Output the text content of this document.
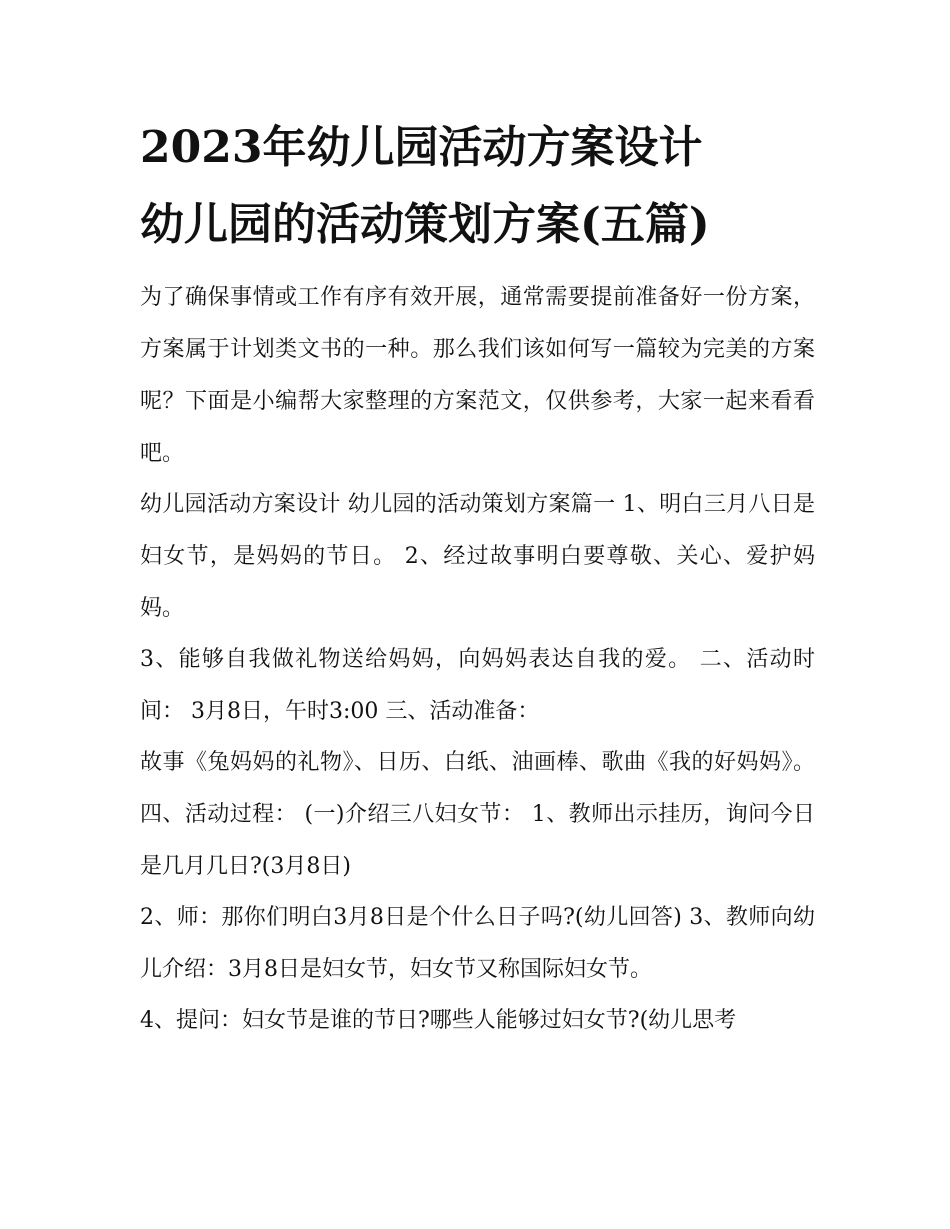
2023年幼儿园活动方案设计
幼儿园的活动策划方案(五篇)

为了确保事情或工作有序有效开展，通常需要提前准备好一份方案，方案属于计划类文书的一种。那么我们该如何写一篇较为完美的方案呢？下面是小编帮大家整理的方案范文，仅供参考，大家一起来看看吧。

幼儿园活动方案设计 幼儿园的活动策划方案篇一 1、明白三月八日是妇女节，是妈妈的节日。 2、经过故事明白要尊敬、关心、爱护妈妈。

3、能够自我做礼物送给妈妈，向妈妈表达自我的爱。 二、活动时间： 3月8日，午时3:00 三、活动准备：

故事《兔妈妈的礼物》、日历、白纸、油画棒、歌曲《我的好妈妈》。 四、活动过程： (一)介绍三八妇女节： 1、教师出示挂历，询问今日是几月几日?(3月8日)

2、师：那你们明白3月8日是个什么日子吗?(幼儿回答) 3、教师向幼儿介绍：3月8日是妇女节，妇女节又称国际妇女节。

4、提问：妇女节是谁的节日?哪些人能够过妇女节?(幼儿思考
